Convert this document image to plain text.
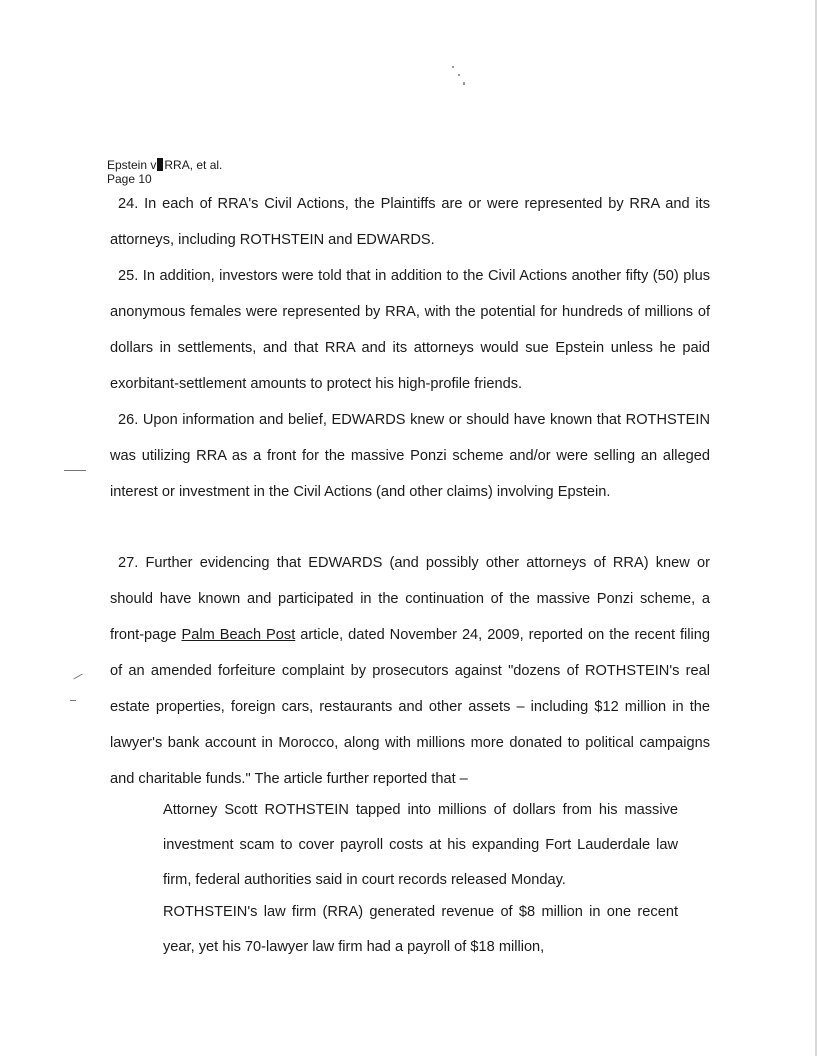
Epstein v RRA, et al.
Page 10
24. In each of RRA's Civil Actions, the Plaintiffs are or were represented by RRA and its attorneys, including ROTHSTEIN and EDWARDS.
25. In addition, investors were told that in addition to the Civil Actions another fifty (50) plus anonymous females were represented by RRA, with the potential for hundreds of millions of dollars in settlements, and that RRA and its attorneys would sue Epstein unless he paid exorbitant-settlement amounts to protect his high-profile friends.
26. Upon information and belief, EDWARDS knew or should have known that ROTHSTEIN was utilizing RRA as a front for the massive Ponzi scheme and/or were selling an alleged interest or investment in the Civil Actions (and other claims) involving Epstein.
27. Further evidencing that EDWARDS (and possibly other attorneys of RRA) knew or should have known and participated in the continuation of the massive Ponzi scheme, a front-page Palm Beach Post article, dated November 24, 2009, reported on the recent filing of an amended forfeiture complaint by prosecutors against "dozens of ROTHSTEIN's real estate properties, foreign cars, restaurants and other assets – including $12 million in the lawyer's bank account in Morocco, along with millions more donated to political campaigns and charitable funds." The article further reported that –
Attorney Scott ROTHSTEIN tapped into millions of dollars from his massive investment scam to cover payroll costs at his expanding Fort Lauderdale law firm, federal authorities said in court records released Monday.
ROTHSTEIN's law firm (RRA) generated revenue of $8 million in one recent year, yet his 70-lawyer law firm had a payroll of $18 million,
